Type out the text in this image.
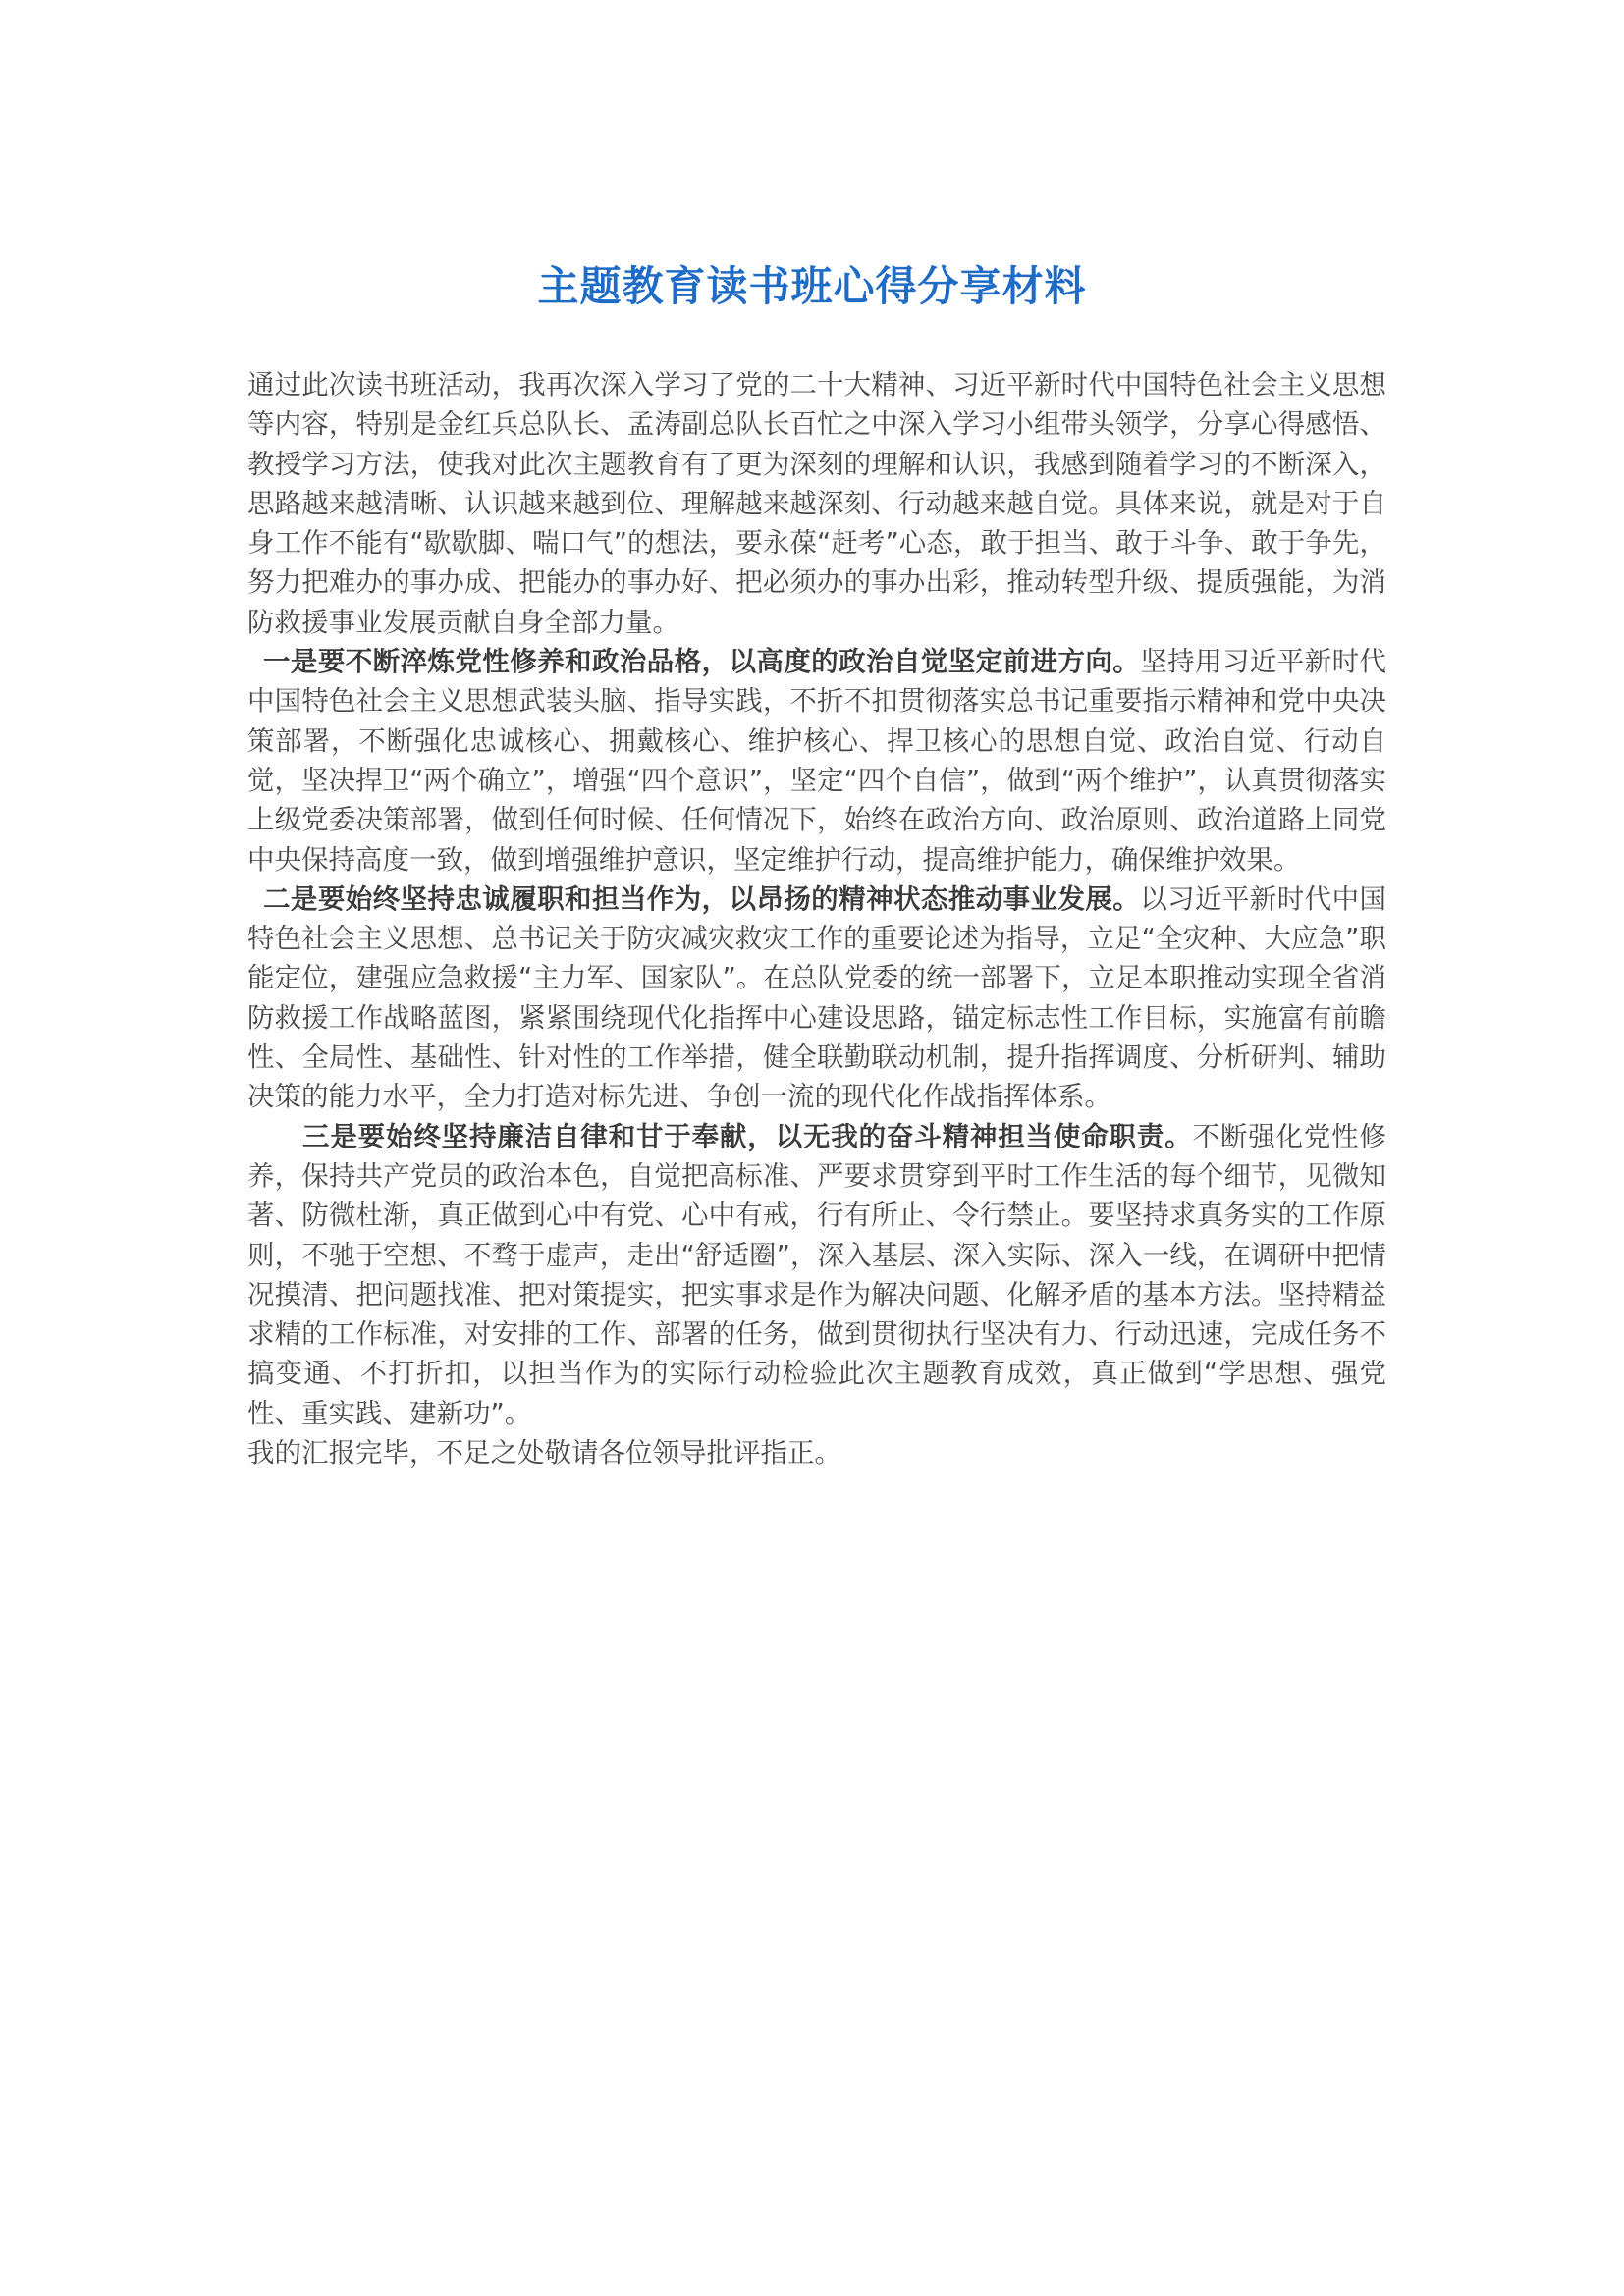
主题教育读书班心得分享材料

通过此次读书班活动，我再次深入学习了党的二十大精神、习近平新时代中国特色社会主义思想等内容，特别是金红兵总队长、孟涛副总队长百忙之中深入学习小组带头领学，分享心得感悟、教授学习方法，使我对此次主题教育有了更为深刻的理解和认识，我感到随着学习的不断深入，思路越来越清晰、认识越来越到位、理解越来越深刻、行动越来越自觉。具体来说，就是对于自身工作不能有“歇歇脚、喘口气”的想法，要永葆“赶考”心态，敢于担当、敢于斗争、敢于争先，努力把难办的事办成、把能办的事办好、把必须办的事办出彩，推动转型升级、提质强能，为消防救援事业发展贡献自身全部力量。

一是要不断淬炼党性修养和政治品格，以高度的政治自觉坚定前进方向。坚持用习近平新时代中国特色社会主义思想武装头脑、指导实践，不折不扣贯彻落实总书记重要指示精神和党中央决策部署，不断强化忠诚核心、拥戴核心、维护核心、捍卫核心的思想自觉、政治自觉、行动自觉，坚决捍卫“两个确立”，增强“四个意识”，坚定“四个自信”，做到“两个维护”，认真贯彻落实上级党委决策部署，做到任何时候、任何情况下，始终在政治方向、政治原则、政治道路上同党中央保持高度一致，做到增强维护意识，坚定维护行动，提高维护能力，确保维护效果。

二是要始终坚持忠诚履职和担当作为，以昂扬的精神状态推动事业发展。以习近平新时代中国特色社会主义思想、总书记关于防灾减灾救灾工作的重要论述为指导，立足“全灾种、大应急”职能定位，建强应急救援“主力军、国家队”。在总队党委的统一部署下，立足本职推动实现全省消防救援工作战略蓝图，紧紧围绕现代化指挥中心建设思路，锚定标志性工作目标，实施富有前瞻性、全局性、基础性、针对性的工作举措，健全联勤联动机制，提升指挥调度、分析研判、辅助决策的能力水平，全力打造对标先进、争创一流的现代化作战指挥体系。

三是要始终坚持廉洁自律和甘于奉献，以无我的奋斗精神担当使命职责。不断强化党性修养，保持共产党员的政治本色，自觉把高标准、严要求贯穿到平时工作生活的每个细节，见微知著、防微杜渐，真正做到心中有党、心中有戒，行有所止、令行禁止。要坚持求真务实的工作原则，不驰于空想、不骛于虚声，走出“舒适圈”，深入基层、深入实际、深入一线，在调研中把情况摸清、把问题找准、把对策提实，把实事求是作为解决问题、化解矛盾的基本方法。坚持精益求精的工作标准，对安排的工作、部署的任务，做到贯彻执行坚决有力、行动迅速，完成任务不搞变通、不打折扣，以担当作为的实际行动检验此次主题教育成效，真正做到“学思想、强党性、重实践、建新功”。

我的汇报完毕，不足之处敬请各位领导批评指正。
